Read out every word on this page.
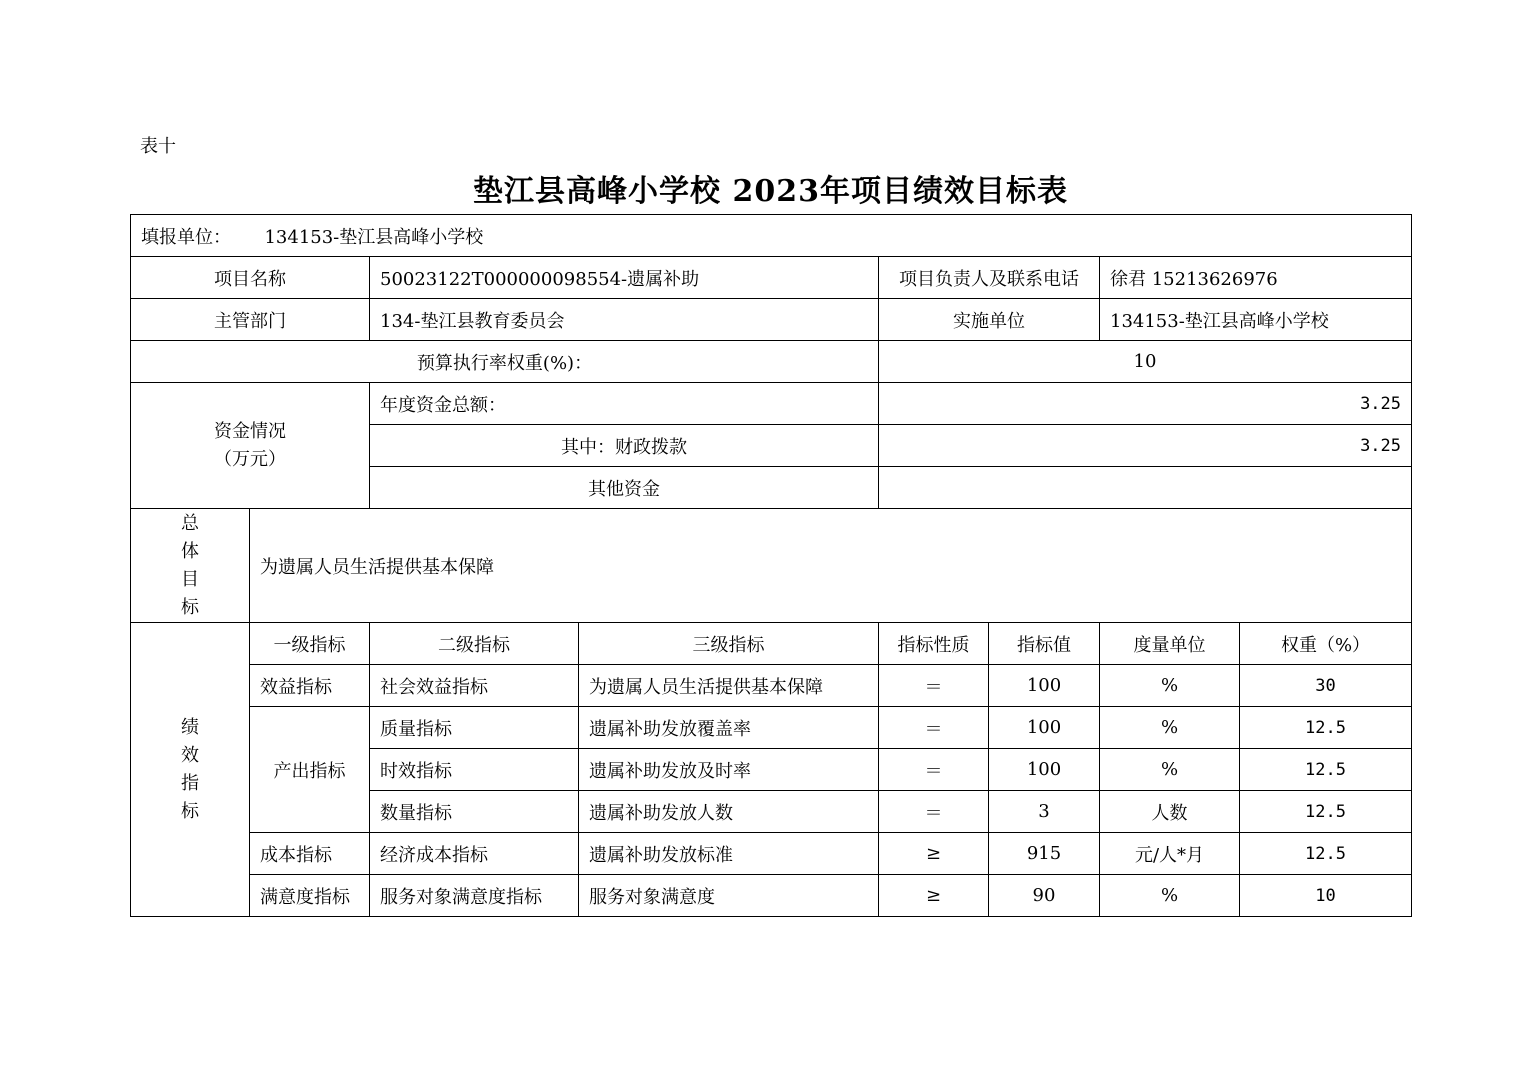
表十
垫江县高峰小学校 2023年项目绩效目标表
填报单位： 134153-垫江县高峰小学校							
项目名称		50023122T000000098554-遗属补助		项目负责人及联系电话		徐君 15213626976	
主管部门		134-垫江县教育委员会		实施单位		134153-垫江县高峰小学校	
预算执行率权重(%)：				10			

资金情况
（万元）		年度资金总额：		3.25			
		其中：财政拨款		3.25			
		其他资金					

总
体
目
标	为遗属人员生活提供基本保障						

绩
效
指
标	一级指标	二级指标	三级指标	指标性质	指标值	度量单位	权重（%）
	效益指标	社会效益指标	为遗属人员生活提供基本保障	＝	100	%	30
	产出指标	质量指标	遗属补助发放覆盖率	＝	100	%	12.5
		时效指标	遗属补助发放及时率	＝	100	%	12.5
		数量指标	遗属补助发放人数	＝	3	人数	12.5
	成本指标	经济成本指标	遗属补助发放标准	≥	915	元/人*月	12.5
	满意度指标	服务对象满意度指标	服务对象满意度	≥	90	%	10
